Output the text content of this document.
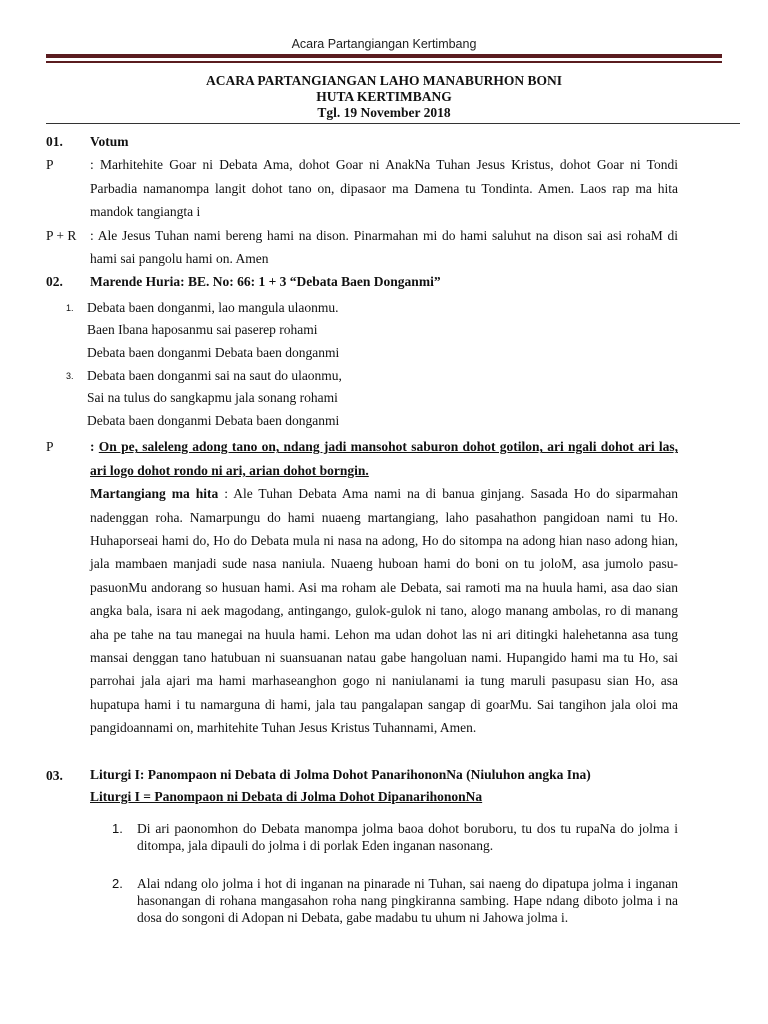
Acara Partangiangan Kertimbang
ACARA PARTANGIANGAN LAHO MANABURHON BONI
HUTA KERTIMBANG
Tgl. 19 November 2018
01.	Votum
P	: Marhitehite Goar ni Debata Ama, dohot Goar ni AnakNa Tuhan Jesus Kristus, dohot Goar ni Tondi Parbadia namanompa langit dohot tano on, dipasaor ma Damena tu Tondinta. Amen. Laos rap ma hita mandok tangiangta i
P + R	: Ale Jesus Tuhan nami bereng hami na dison. Pinarmahan mi do hami saluhut na dison sai asi rohaM di hami sai pangolu hami on. Amen
02.	Marende Huria: BE. No: 66: 1 + 3 “Debata Baen Donganmi”
1. Debata baen donganmi, lao mangula ulaonmu.
Baen Ibana haposanmu sai paserep rohami
Debata baen donganmi Debata baen donganmi
3. Debata baen donganmi sai na saut do ulaonmu,
Sai na tulus do sangkapmu jala sonang rohami
Debata baen donganmi Debata baen donganmi
P	: On pe, saleleng adong tano on, ndang jadi mansohot saburon dohot gotilon, ari ngali dohot ari las, ari logo dohot rondo ni ari, arian dohot borngin.
Martangiang ma hita : Ale Tuhan Debata Ama nami na di banua ginjang. Sasada Ho do siparmahan nadenggan roha. Namarpungu do hami nuaeng martangiang, laho pasahathon pangidoan nami tu Ho. Huhaporseai hami do, Ho do Debata mula ni nasa na adong, Ho do sitompa na adong hian naso adong hian, jala mambaen manjadi sude nasa naniula. Nuaeng huboan hami do boni on tu joloM, asa jumolo pasu-pasuonMu andorang so husuan hami. Asi ma roham ale Debata, sai ramoti ma na huula hami, asa dao sian angka bala, isara ni aek magodang, antingango, gulok-gulok ni tano, alogo manang ambolas, ro di manang aha pe tahe na tau manegai na huula hami. Lehon ma udan dohot las ni ari ditingki halehetanna asa tung mansai denggan tano hatubuan ni suansuanan natau gabe hangoluan nami. Hupangido hami ma tu Ho, sai parrohai jala ajari ma hami marhaseanghon gogo ni naniulanami ia tung maruli pasupasu sian Ho, asa hupatupa hami i tu namarguna di hami, jala tau pangalapan sangap di goarMu. Sai tangihon jala oloi ma pangidoannami on, marhitehite Tuhan Jesus Kristus Tuhannami, Amen.
03.	Liturgi I: Panompaon ni Debata di Jolma Dohot PanarihononNa (Niuluhon angka Ina)
Liturgi I = Panompaon ni Debata di Jolma Dohot DipanarihononNa
1. Di ari paonomhon do Debata manompa jolma baoa dohot boruboru, tu dos tu rupaNa do jolma i ditompa, jala dipauli do jolma i di porlak Eden inganan nasonang.
2. Alai ndang olo jolma i hot di inganan na pinarade ni Tuhan, sai naeng do dipatupa jolma i inganan hasonangan di rohana mangasahon roha nang pingkiranna sambing. Hape ndang diboto jolma i na dosa do songoni di Adopan ni Debata, gabe madabu tu uhum ni Jahowa jolma i.
